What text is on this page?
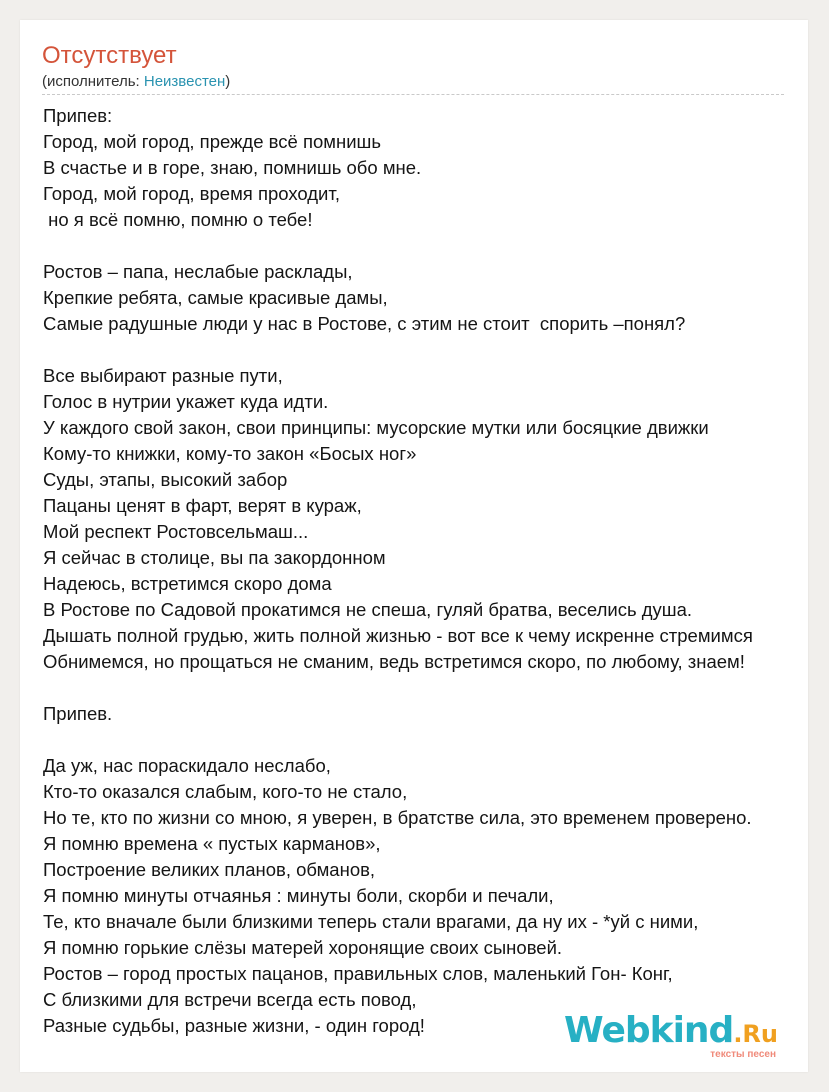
Отсутствует
(исполнитель: Неизвестен)
Припев:
Город, мой город, прежде всё помнишь
В счастье и в горе, знаю, помнишь обо мне.
Город, мой город, время проходит,
но я всё помню, помню о тебе!
Ростов – папа, неслабые расклады,
Крепкие ребята, самые красивые дамы,
Самые радушные люди у нас в Ростове, с этим не стоит  спорить –понял?
Все выбирают разные пути,
Голос в нутрии укажет куда идти.
У каждого свой закон, свои принципы: мусорские мутки или босяцкие движки
Кому-то книжки, кому-то закон «Босых ног»
Суды, этапы, высокий забор
Пацаны ценят в фарт, верят в кураж,
Мой респект Ростовсельмаш...
Я сейчас в столице, вы па закордонном
Надеюсь, встретимся скоро дома
В Ростове по Садовой прокатимся не спеша, гуляй братва, веселись душа.
Дышать полной грудью, жить полной жизнью - вот все к чему искренне стремимся
Обнимемся, но прощаться не сманим, ведь встретимся скоро, по любому, знаем!
Припев.
Да уж, нас пораскидало неслабо,
Кто-то оказался слабым, кого-то не стало,
Но те, кто по жизни со мною, я уверен, в братстве сила, это временем проверено.
Я помню времена « пустых карманов»,
Построение великих планов, обманов,
Я помню минуты отчаянья : минуты боли, скорби и печали,
Те, кто вначале были близкими теперь стали врагами, да ну их - *уй с ними,
Я помню горькие слёзы матерей хоронящие своих сыновей.
Ростов – город простых пацанов, правильных слов, маленький Гон- Конг,
С близкими для встречи всегда есть повод,
Разные судьбы, разные жизни, - один город!	Webkind.Ru
тексты песен
